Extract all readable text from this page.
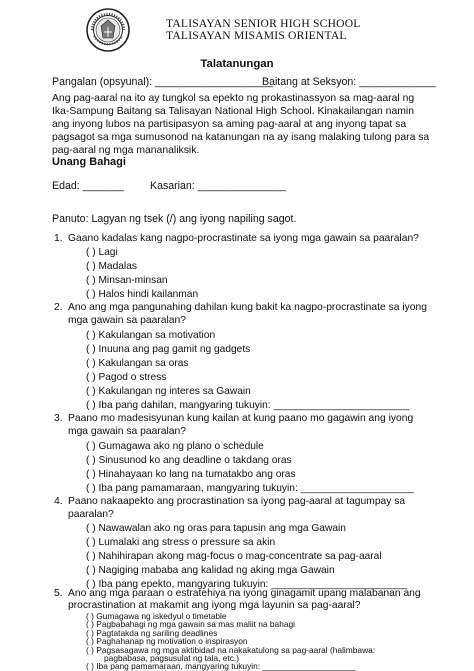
TALISAYAN SENIOR HIGH SCHOOL
TALISAYAN MISAMIS ORIENTAL
Talatanungan
Pangalan (opsyunal): ____________________
Baitang at Seksyon: _____________
Ang pag-aaral na ito ay tungkol sa epekto ng prokastinassyon sa mag-aaral ng Ika-Sampung Baitang sa Talisayan National High School. Kinakailangan namin ang inyong lubos na partisipasyon sa aming pag-aaral at ang inyong tapat sa pagsagot sa mga sumusonod na katanungan na ay isang malaking tulong para sa pag-aaral ng mga mananaliksik.
Unang Bahagi
Edad: _______ Kasarian: _______________
Panuto: Lagyan ng tsek (/) ang iyong napiling sagot.
1. Gaano kadalas kang nagpo-procrastinate sa iyong mga gawain sa paaralan?
( ) Lagi
( ) Madalas
( ) Minsan-minsan
( ) Halos hindi kailanman
2. Ano ang mga pangunahing dahilan kung bakit ka nagpo-procrastinate sa iyong
mga gawain sa paaralan?
( ) Kakulangan sa motivation
( ) Inuuna ang pag gamit ng gadgets
( ) Kakulangan sa oras
( ) Pagod o stress
( ) Kakulangan ng interes sa Gawain
( ) Iba pang dahilan, mangyaring tukuyin: ________________________
3. Paano mo madesisyunan kung kailan at kung paano mo gagawin ang iyong
mga gawain sa paaralan?
( ) Gumagawa ako ng plano o schedule
( ) Sinusunod ko ang deadline o takdang oras
( ) Hinahayaan ko lang na tumatakbo ang oras
( ) Iba pang pamamaraan, mangyaring tukuyin: ____________________
4. Paano nakaapekto ang procrastination sa iyong pag-aaral at tagumpay sa
paaralan?
( ) Nawawalan ako ng oras para tapusin ang mga Gawain
( ) Lumalaki ang stress o pressure sa akin
( ) Nahihirapan akong mag-focus o mag-concentrate sa pag-aaral
( ) Nagiging mababa ang kalidad ng aking mga Gawain
( ) Iba pang epekto, mangyaring tukuyin: ________________________
5. Ano ang mga paraan o estratehiya na iyong ginagamit upang malabanan ang
procrastination at makamit ang iyong mga layunin sa pag-aaral?
( ) Gumagawa ng iskedyul o timetable
( ) Pagbabahagi ng mga gawain sa mas maliit na bahagi
( ) Pagtatakda ng sariling deadlines
( ) Paghahanap ng motivation o inspirasyon
( ) Pagsasagawa ng mga aktibidad na nakakatulong sa pag-aaral (halimbawa:
pagbabasa, pagsusulat ng tala, etc.)
( ) Iba pang pamamaraan, mangyaring tukuyin: ____________________
